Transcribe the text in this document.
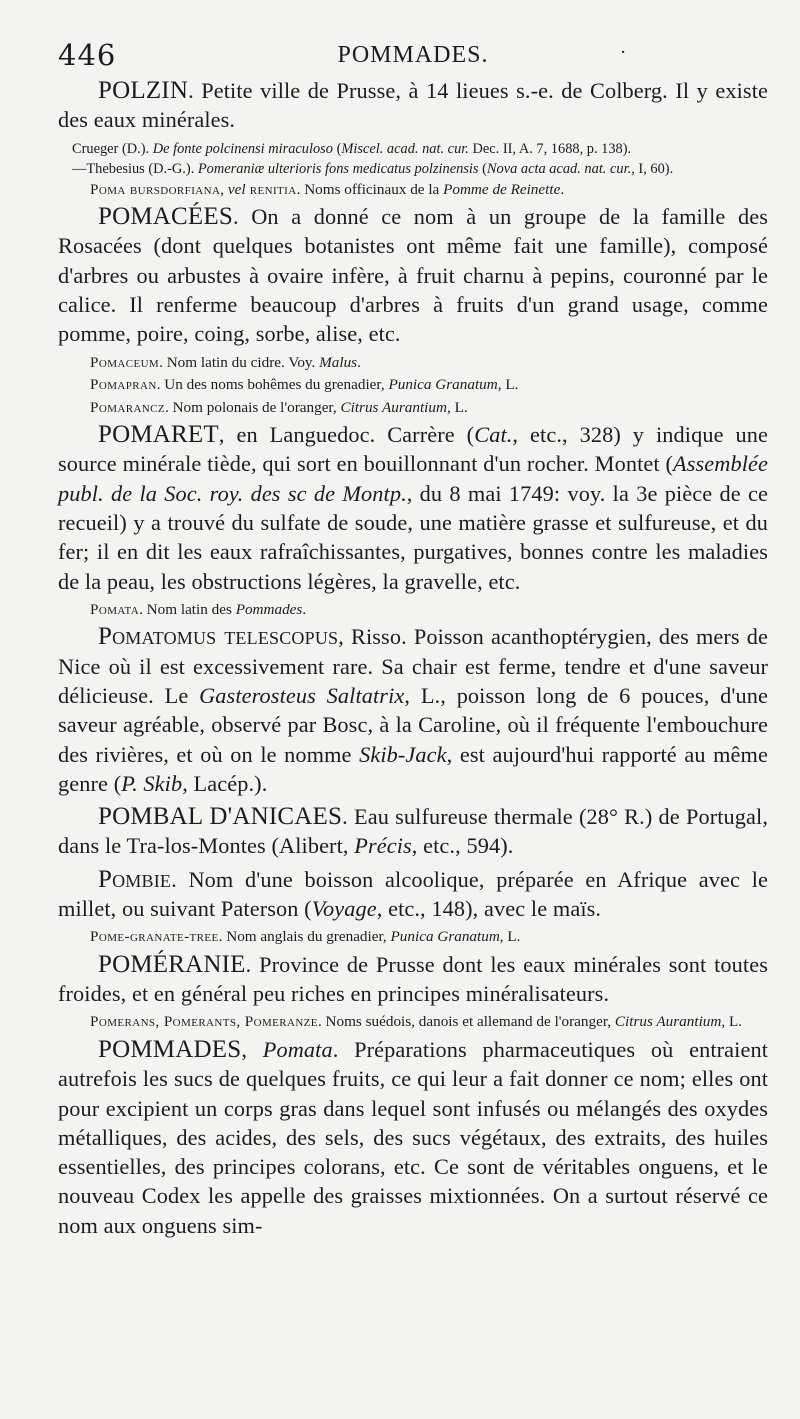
446	POMMADES.	·

POLZIN. Petite ville de Prusse, à 14 lieues s.-e. de Colberg. Il y existe des eaux minérales.

Crueger (D.). De fonte polcinensi miraculoso (Miscel. acad. nat. cur. Dec. II, A. 7, 1688, p. 138).

—Thebesius (D.-G.). Pomeraniæ ulterioris fons medicatus polzinensis (Nova acta acad. nat. cur., I, 60).

Poma bursdorfiana, vel renitia. Noms officinaux de la Pomme de Reinette.

POMACÉES. On a donné ce nom à un groupe de la famille des Rosacées (dont quelques botanistes ont même fait une famille), composé d'arbres ou arbustes à ovaire infère, à fruit charnu à pepins, couronné par le calice. Il renferme beaucoup d'arbres à fruits d'un grand usage, comme pomme, poire, coing, sorbe, alise, etc.

Pomaceum. Nom latin du cidre. Voy. Malus.

Pomapran. Un des noms bohêmes du grenadier, Punica Granatum, L.

Pomarancz. Nom polonais de l'oranger, Citrus Aurantium, L.

POMARET, en Languedoc. Carrère (Cat., etc., 328) y indique une source minérale tiède, qui sort en bouillonnant d'un rocher. Montet (Assemblée publ. de la Soc. roy. des sc de Montp., du 8 mai 1749: voy. la 3e pièce de ce recueil) y a trouvé du sulfate de soude, une matière grasse et sulfureuse, et du fer; il en dit les eaux rafraîchissantes, purgatives, bonnes contre les maladies de la peau, les obstructions légères, la gravelle, etc.

Pomata. Nom latin des Pommades.

Pomatomus telescopus, Risso. Poisson acanthoptérygien, des mers de Nice où il est excessivement rare. Sa chair est ferme, tendre et d'une saveur délicieuse. Le Gasterosteus Saltatrix, L., poisson long de 6 pouces, d'une saveur agréable, observé par Bosc, à la Caroline, où il fréquente l'embouchure des rivières, et où on le nomme Skib-Jack, est aujourd'hui rapporté au même genre (P. Skib, Lacép.).

POMBAL D'ANICAES. Eau sulfureuse thermale (28° R.) de Portugal, dans le Tra-los-Montes (Alibert, Précis, etc., 594).

Pombie. Nom d'une boisson alcoolique, préparée en Afrique avec le millet, ou suivant Paterson (Voyage, etc., 148), avec le maïs.

Pome-granate-tree. Nom anglais du grenadier, Punica Granatum, L.

POMÉRANIE. Province de Prusse dont les eaux minérales sont toutes froides, et en général peu riches en principes minéralisateurs.

Pomerans, Pomerants, Pomeranze. Noms suédois, danois et allemand de l'oranger, Citrus Aurantium, L.

POMMADES, Pomata. Préparations pharmaceutiques où entraient autrefois les sucs de quelques fruits, ce qui leur a fait donner ce nom; elles ont pour excipient un corps gras dans lequel sont infusés ou mélangés des oxydes métalliques, des acides, des sels, des sucs végétaux, des extraits, des huiles essentielles, des principes colorans, etc. Ce sont de véritables onguens, et le nouveau Codex les appelle des graisses mixtionnées. On a surtout réservé ce nom aux onguens sim-
